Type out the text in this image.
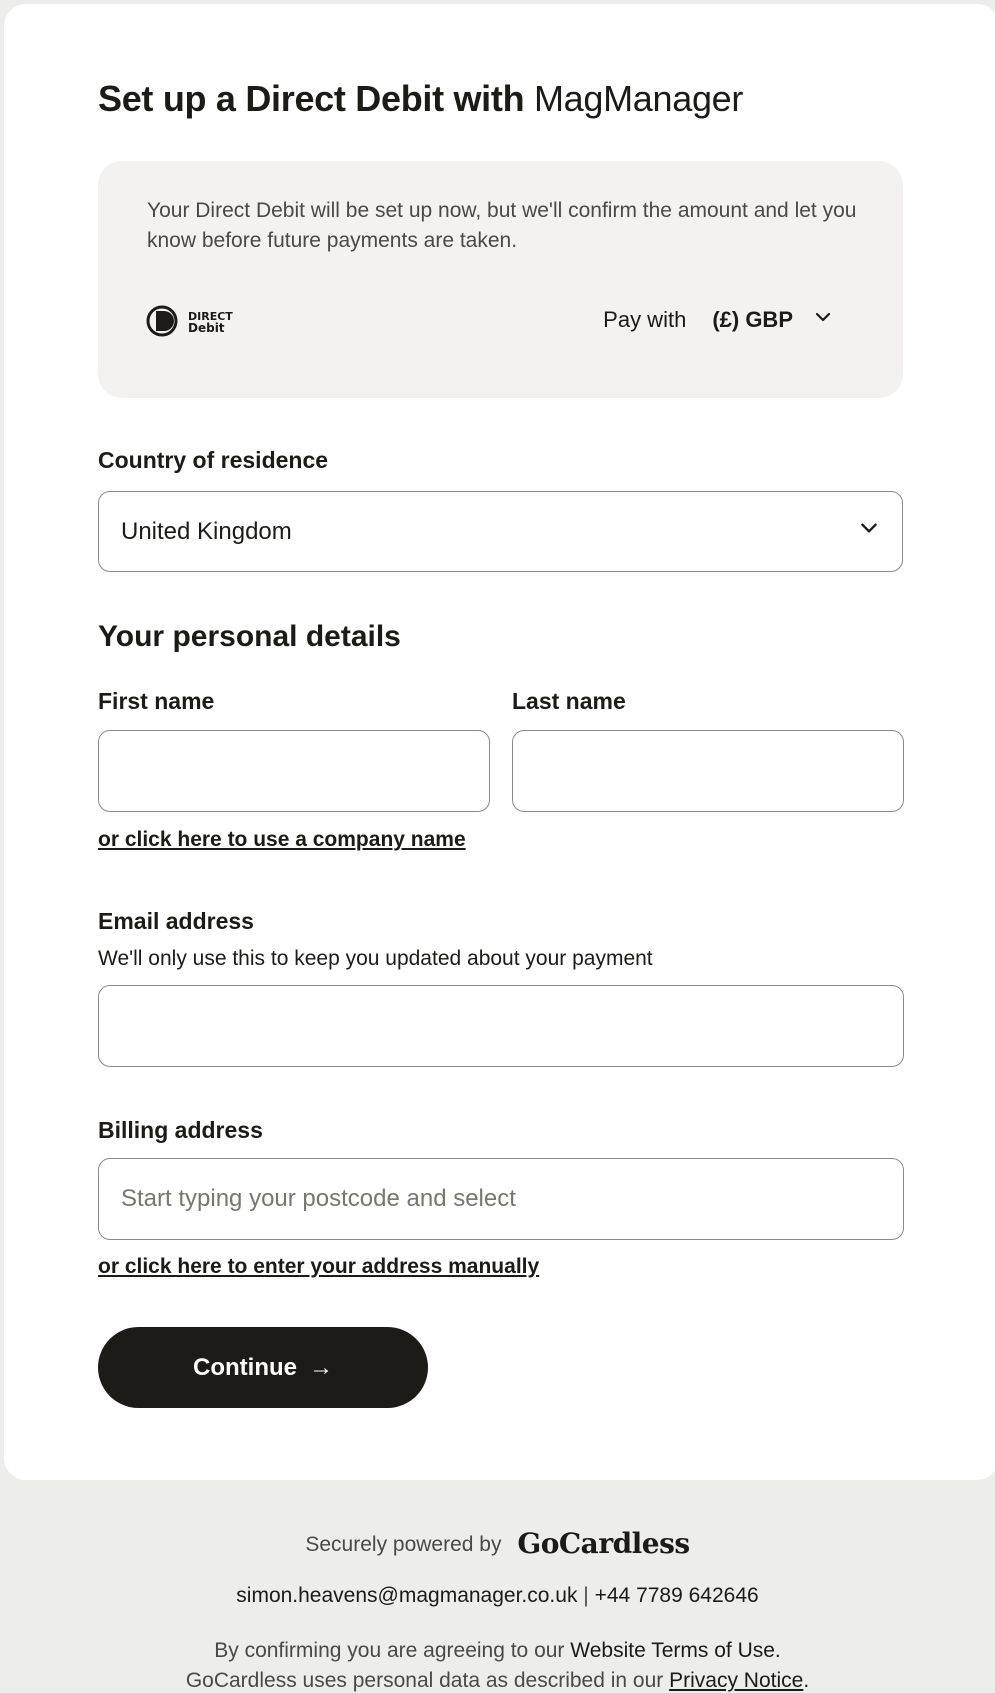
Set up a Direct Debit with MagManager
Your Direct Debit will be set up now, but we'll confirm the amount and let you know before future payments are taken.
DIRECT
Debit	Pay with (£) GBP
Country of residence
United Kingdom
Your personal details
First name	Last name
or click here to use a company name
Email address
We'll only use this to keep you updated about your payment
Billing address
Start typing your postcode and select
or click here to enter your address manually
Continue →
Securely powered by GoCardless
simon.heavens@magmanager.co.uk | +44 7789 642646
By confirming you are agreeing to our Website Terms of Use.
GoCardless uses personal data as described in our Privacy Notice.
